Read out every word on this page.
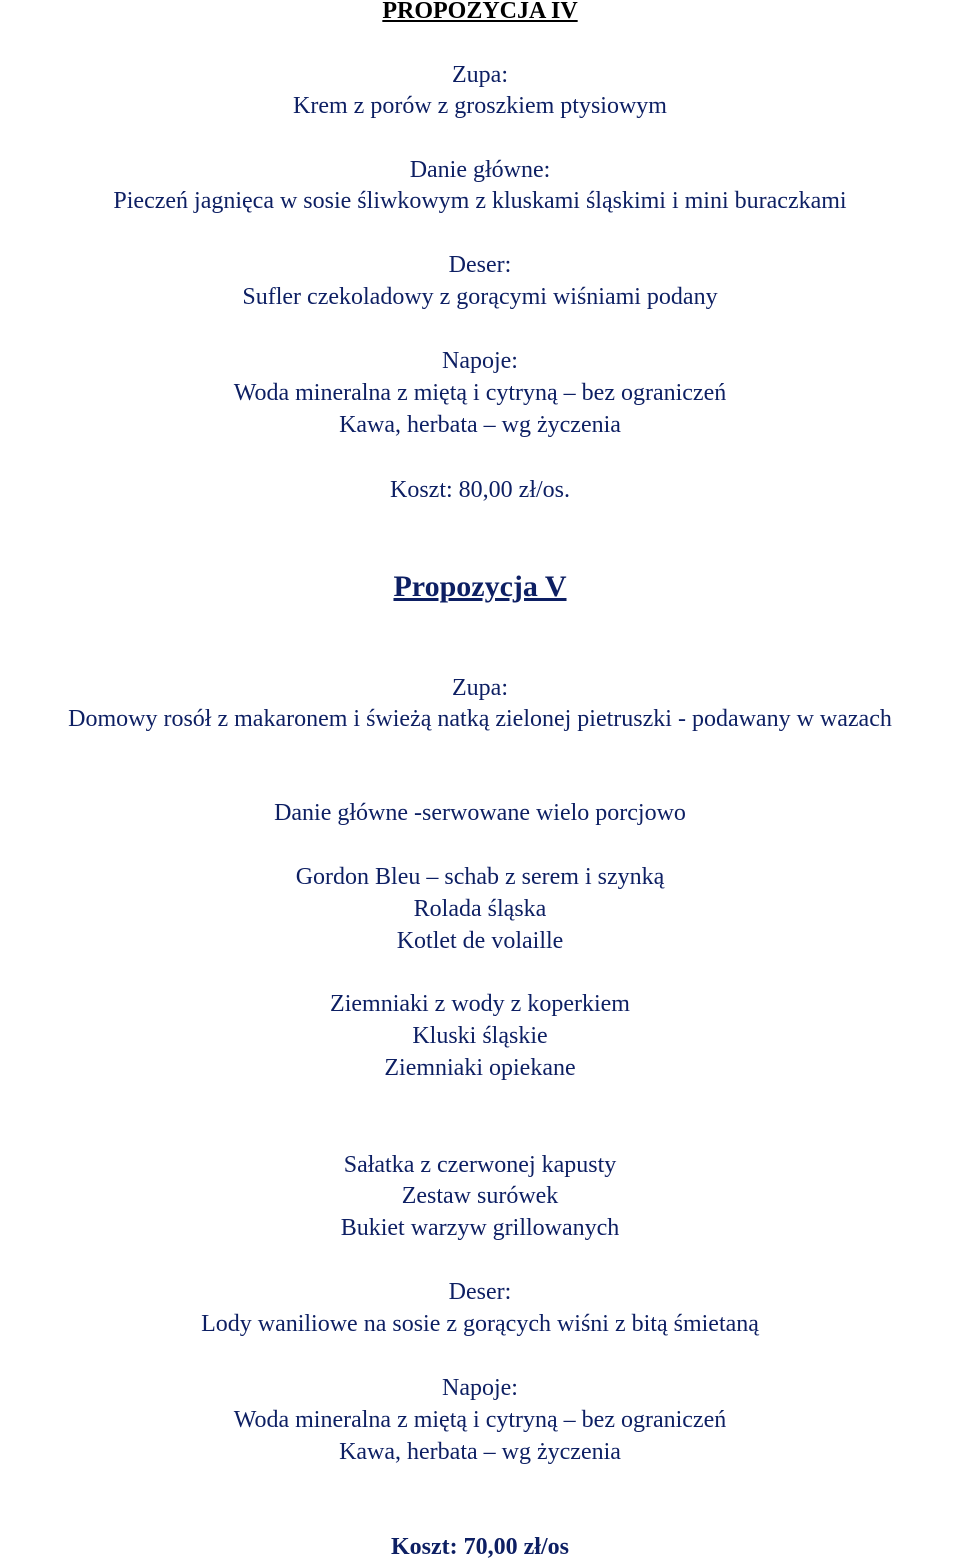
PROPOZYCJA IV
Zupa:
Krem z porów z groszkiem ptysiowym
Danie główne:
Pieczeń jagnięca w sosie śliwkowym z kluskami śląskimi i mini buraczkami
Deser:
Sufler czekoladowy z gorącymi wiśniami podany
Napoje:
Woda mineralna z miętą i cytryną – bez ograniczeń
Kawa, herbata – wg życzenia
Koszt: 80,00 zł/os.
Propozycja V
Zupa:
Domowy rosół z makaronem i świeżą natką zielonej pietruszki - podawany w wazach
Danie główne -serwowane wielo porcjowo
Gordon Bleu – schab z serem i szynką
Rolada śląska
Kotlet de volaille
Ziemniaki z wody z koperkiem
Kluski śląskie
Ziemniaki opiekane
Sałatka z czerwonej kapusty
Zestaw surówek
Bukiet warzyw grillowanych
Deser:
Lody waniliowe na sosie z gorących wiśni z bitą śmietaną
Napoje:
Woda mineralna z miętą i cytryną – bez ograniczeń
Kawa, herbata – wg życzenia
Koszt: 70,00 zł/os
